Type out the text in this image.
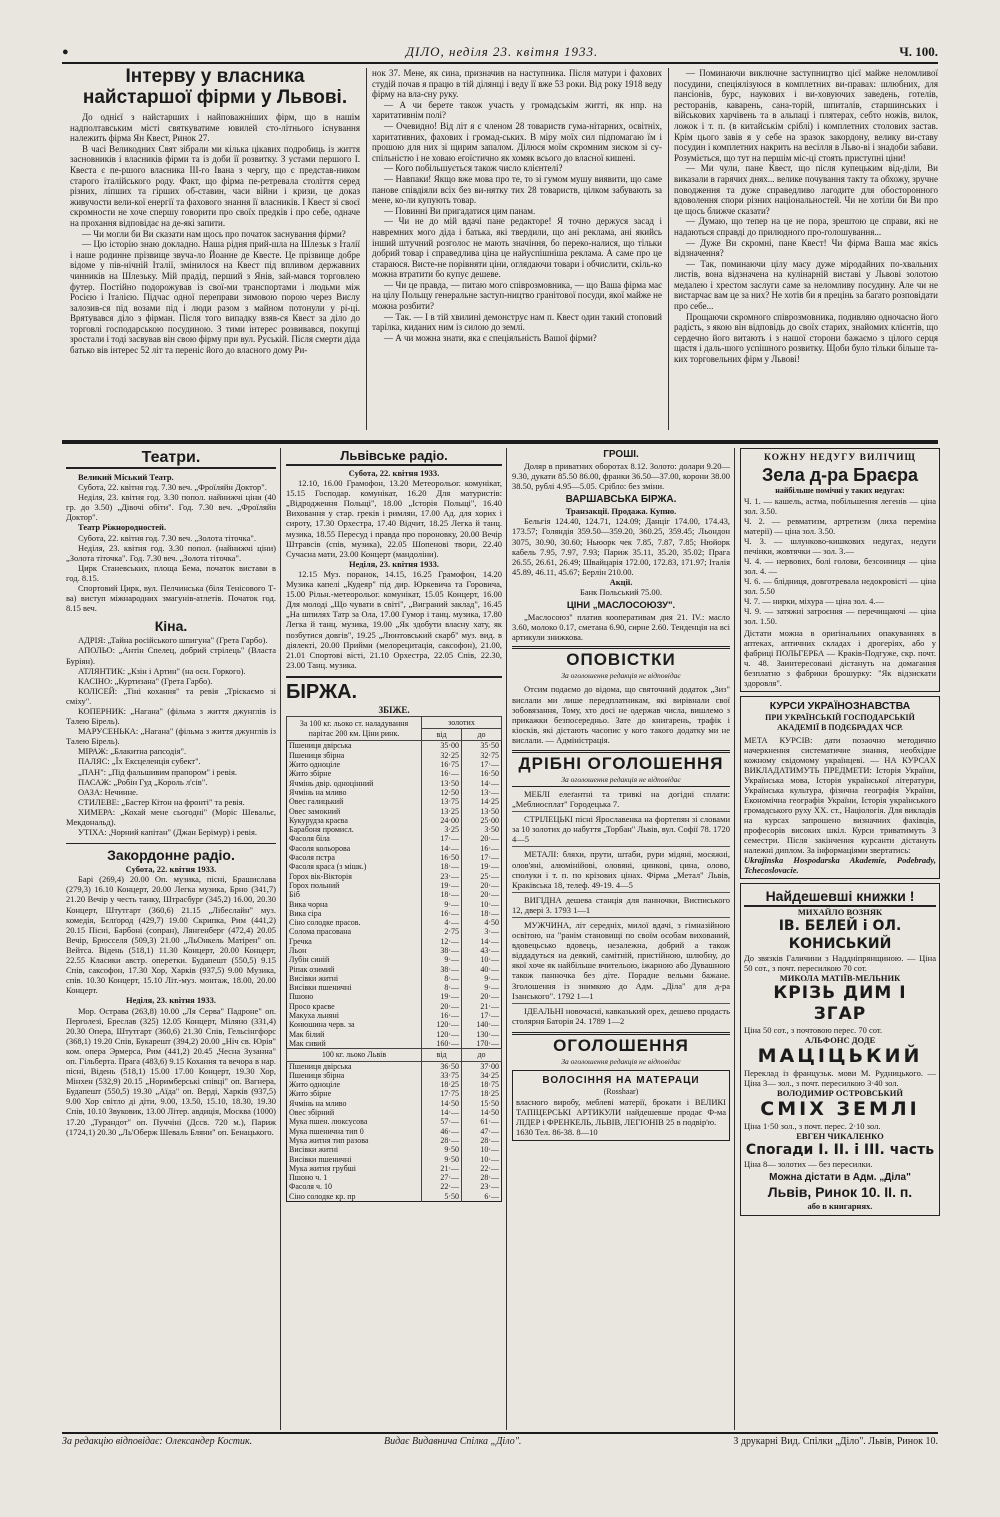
●	ДІЛО, неділя 23. квітня 1933.	Ч. 100.
Інтерву у власника найстаршої фірми у Львові.

До однієї з найстарших і найповажніших фірм, що в нашім надполтавським місті святкуватиме ювилей сто-літнього існування належить фірма Ян Квест, Ринок 27.

В часі Великодних Свят зібрали ми кілька цікавих подробиць із життя засновників і власників фірми та із доби її розвитку. З устами першого І. Квеста є пе-ршого власника ІІІ-го Івана з чергу, що є представ-ником старого італійського роду. Факт, що фірма пе-ретревала століття серед різних, ліпших та гірших об-ставин, часи війни і кризи, це доказ живучости вели-кої енергії та фахового знання її власників. І Квест зі своєї скромности не хоче спершу говорити про своїх предків і про себе, одначе на прохання відповідає на де-які запити.

— Чи могли би Ви сказати нам щось про початок заснування фірми?

— Цю історію знаю докладно. Наша рідня прий-шла на Шлезьк з Італії і наше родинне прізвище звуча-ло Йоанне де Квесте. Це прізвище добре відоме у пів-нічній Італії, змінилося на Квест під впливом державних чинників на Шлезьку. Мій прадід, перший з Янів, зай-мався торговлею футер. Постійно подорожував із свої-ми транспортами і людьми між Росією і Італією. Підчас одної переправи зимовою порою через Вислу залозив-ся під возами під і люди разом з майном потонули у рі-ці. Врятувався діло з фірман. Після того випадку взяв-ся Квест за діло до торговлі господарською посудиною. З тими інтерес розвивався, покупці зростали і тоді засвував він свою фірму при вул. Руській. Після смерти діда батько вів інтерес 52 літ та переніс його до власного дому Ри-

нок 37. Мене, як сина, призначив на наступника. Після матури і фахових студій почав я працю в тій ділянці і веду її вже 53 роки. Від року 1918 веду фірму на вла-сну руку.

— А чи берете також участь у громадськім житті, як нпр. на харитативнім полі?

— Очевидно! Від літ я є членом 28 товариств гума-нітарних, освітніх, харитативних, фахових і громад-ських. В міру моїх сил підпомагаю їм і прошою для них зі щирим запалом. Ділюся моїм скромним зиском зі су-спільністю і не ховаю егоїстично як хомяк всього до власної кишені.

— Кого побільшується також число клієнтелі?

— Навпаки! Якщо вже мова про те, то зі гумом мушу виявити, що саме панове співдіяли всіх без ви-нятку тих 28 товариств, цілком забувають за мене, ко-ли купують товар.

— Повинні Ви пригадатися цим панам.

— Чи не до мій вдачі пане редакторе! Я точно держуся засад і навремних мого діда і батька, які твердили, що ані реклама, ані якийсь інший штучний розголос не мають значіння, бо переко-налися, що тільки добрий товар і справедлива ціна це найуспішніша реклама. А саме про це стараюся. Висте-не порівняти ціни, оглядаючи товари і обчислити, скіль-ко можна втратити бо купує дешеве.

— Чи це правда, — питаю мого співрозмовника, — що Ваша фірма має на цілу Польщу генеральне заступ-ництво гранітової посуди, якої майже не можна розбити?

— Так. — І в тій хвилині демонструє нам п. Квест один такий стоповий тарілка, киданих ним із силою до землі.

— А чи можна знати, яка є спеціяльність Вашої фірми?

— Поминаючи виключне заступництво цієї майже неломливої посудини, спеціялізуюся в комплетних ви-правах: шлюбних, для пансіонів, бурс, наукових і ви-ховуючих заведень, готелів, ресторанів, каварень, сана-торій, шпиталів, старшинських і військових харчівень та в альпаці і плятерах, себто ножів, вилок, ложок і т. п. (в китайськім сріблі) і комплетних столових застав. Крім цього завів я у себе на зразок закордону, велику ви-ставу посудин і комплетних накрить на весілля в Льво-ві і знадоби забави. Розуміється, що тут на першім міс-ці стоять приступні ціни!

— Ми чули, пане Квест, що після купецьким від-діли, Ви виказали в гарячих днях... велике почування такту та обхожу, зручне поводження та дуже справедливо лагодите для обосторонного вдоволення спори різних національностей. Чи не хотіли би Ви про це щось ближче сказати?

— Думаю, що тепер на це не пора, зрештою це справи, які не надаються справді до прилюдного про-голошування...

— Дуже Ви скромні, пане Квест! Чи фірма Ваша має якісь відзначення?

— Так, поминаючи цілу масу дуже міродайних по-хвальних листів, вона відзначена на кулінарній виставі у Львові золотою медалею і хрестом заслуги саме за неломливу посудину. Але чи не вистарчає вам це за них? Не хотів би я прецінь за багато розповідати про себе...

Прощаючи скромного співрозмовника, подивляю одночасно його радість, з якою він відповідь до своїх старих, знайомих клієнтів, що сердечно його витають і з нашої сторони бажаємо з цілого серця щастя і даль-шого успішного розвитку. Щоби було тільки більше та-ких торговельних фірм у Львові!

Театри.

Великий Міський Театр.

Субота, 22. квітня год. 7.30 веч. „Фроїляйн Доктор".

Неділя, 23. квітня год. 3.30 попол. найнижчі ціни (40 гр. до 3.50) „Дівочі обіти". Год. 7.30 веч. „Фроїляйн Доктор".

Театр Ріжнородностей.

Субота, 22. квітня год. 7.30 веч. „Золота тіточка".

Неділя, 23. квітня год. 3.30 попол. (найнижчі ціни) „Золота тіточка". Год. 7.30 веч. „Золота тіточка".

Цирк Станевських, площа Бема, початок вистави в год. 8.15.

Спортовий Цирк, вул. Пелчинська (біля Тенісового Т-ва) виступ міжнародних змагунів-атлетів. Початок год. 8.15 веч.

Кіна.

АДРІЯ: „Тайна російського шпигуна" (Грета Гарбо).

АПОЛЬО: „Антін Спелец, добрий стрілець" (Власта Буріян).

АТЛЯНТИК: „Кзін і Артин" (на осн. Горкого).

КАСІНО: „Куртизана" (Грета Гарбо).

КОЛІСЕЙ: „Тіні кохання" та ревія „Тріскаємо зі сміху".

КОПЕРНИК: „Нагана" (фільма з життя джунглів із Талею Бірель).

МАРУСЕНЬКА: „Нагана" (фільма з життя джунглів із Талею Бірель).

МІРАЖ: „Блакитна рапсодія".

ПАЛЯС: „Їх Ексцеленція субект".

„ПАН": „Під фальшивим прапором" і ревія.

ПАСАЖ: „Робін Гуд „Король л'сів".

ОАЗА: Нечинне.

СТИЛЕВЕ: „Бастер Кітон на фронті" та ревія.

ХИМЕРА: „Кохай мене сьогодні" (Моріс Шевальє, Мекдональд).

УТІХА: „Чорний капітан" (Джан Берімур) і ревія.

Закордонне радіо.
Субота, 22. квітня 1933.

Барі (269,4) 20.00 Оп. музика, пісні, Брашислава (279,3) 16.10 Концерт, 20.00 Легка музика, Брно (341,7) 21.20 Вечір у честь танку, Штрасбург (345,2) 16.00, 20.30 Концерт, Штутгарт (360,6) 21.15 „Лібеслайн" муз. комедія, Бєлґород (429,7) 19.00 Скрипка, Рим (441,2) 20.15 Пісні, Барбоні (сопран), Лянгенберг (472,4) 20.05 Вечір, Брюсселя (509,3) 21.00 „ЛьОнкель Матірен" оп. Вейтса. Відень (518,1) 11.30 Концерт, 20.00 Концерт, 22.55 Класики австр. оперетки. Будапешт (550,5) 9.15 Спів, саксофон, 17.30 Хор, Харків (937,5) 9.00 Музика, спів. 10.30 Концерт, 15.10 Літ.-муз. монтаж, 18.00, 20.00 Концерт.

Неділя, 23. квітня 1933.

Мор. Острава (263,8) 10.00 „Ля Серва" Падроне" оп. Перголезі, Бреслав (325) 12.05 Концерт, Міляно (331,4) 20.30 Опера, Штутгарт (360,6) 21.30 Спів, Гельсінгфорс (368,1) 19.20 Спів, Букарешт (394,2) 20.00 „Ніч св. Юрія" ком. опера Эрмерса, Рим (441,2) 20.45 „Чесна Зузанна" оп. Гільберта. Прага (483,6) 9.15 Кохання та вечора в нар. пісні, Відень (518,1) 15.00 17.00 Концерт, 19.30 Хор, Мінхен (532,9) 20.15 „Норимберські співці" оп. Вагнера, Будапешт (550,5) 19.30 „Аїда" оп. Верді, Харків (937,5) 9.00 Хор світло ді діти, 9.00, 13.50, 15.10, 18.30, 19.30 Спів, 10.10 Звуковик, 13.00 Літер. авдиція, Москва (1000) 17.20 „Турандот" оп. Пуччіні (Дссв. 720 м.), Париж (1724,1) 20.30 „Ль'Оберж Шеваль Бляни" оп. Бенацького.

Львівське радіо.
Субота, 22. квітня 1933.

12.10, 16.00 Грамофон, 13.20 Метеорольог. комунікат, 15.15 Господар. комунікат, 16.20 Для матуристів: „Відродження Польщі", 18.00 „Історія Польщі", 16.40 Виховання у стар. греків і римлян, 17.00 Ад. для хорих і сироту, 17.30 Орхестра, 17.40 Відчит, 18.25 Легка й танц. музика, 18.55 Пересуд і правда про пороновку, 20.00 Вечір Штравсів (спів, музика), 22.05 Шопенові твори, 22.40 Сучасна мати, 23.00 Концерт (мандоліни).

Неділя, 23. квітня 1933.

12.15 Муз. поранок, 14.15, 16.25 Грамофон, 14.20 Музика капелі „Кудеяр" під дир. Юркевича та Горовича, 15.00 Рільн.-метеорольог. комунікат, 15.05 Концерт, 16.00 Для молоді „Що чувати в світі", „Виграний заклад", 16.45 „На шпилях Татр за Ола, 17.00 Гумор і танц. музика, 17.80 Легка й танц. музика, 19.00 „Як здобути власну хату, як позбутися довгів", 19.25 „Люнтовський скарб" муз. вид. в діялекті, 20.00 Прийми (мелорецитація, саксофон), 21.00, 21.01 Спортові вісті, 21.10 Орхестра, 22.05 Спів, 22.30, 23.00 Танц. музика.

БІРЖА.
ЗБІЖЕ.
За 100 кг. льоко ст. наладування парітас 200 км. Ціни ринк.	золотих	
	від	до
Пшениця двірська	35·00	35·50
Пшениця збірна	32·25	32·75
Жито одноціле	16·75	17·—
Жито збірне	16·—	16·50
Ячмінь двір. одноцінний	13·50	14·—
Ячмінь на мливо	12·50	13·—
Овес галицький	13·75	14·25
Овес замокний	13·25	13·50
Кукурудза краєва	24·00	25·00
Барабоня промисл.	3·25	3·50
Фасоля біла	17·—	20·—
Фасоля кольорова	14·—	16·—
Фасоля пстра	16·50	17·—
Фасоля краса (з мішк.)	18·—	19·—
Горох вік-Вікторія	23·—	25·—
Горох польний	19·—	20·—
Біб	18·—	20·—
Вика чорна	9·—	10·—
Вика сіра	16·—	18·—
Сіно солодке прасов.	4·—	4·50
Солома прасована	2·75	3·—
Гречка	12·—	14·—
Льон	38·—	43·—
Лубін синій	9·—	10·—
Ріпак озимий	38·—	40·—
Висівки житні	8·—	9·—
Висівки пшеничні	8·—	9·—
Пшоно	19·—	20·—
Просо краєве	20·—	21·—
Макуха льняні	16·—	17·—
Конюшина черв. за	120·—	140·—
Мак білий	120·—	130·—
Мак сивий	160·—	170·—
100 кг. льоко Львів	від	до
Пшениця двірська	36·50	37·00
Пшениця збірна	33·75	34·25
Жито одноціле	18·25	18·75
Жито збірне	17·75	18·25
Ячмінь на мливо	14·50	15·50
Овес збірний	14·—	14·50
Мука пшен. люксусова	57·—	61·—
Мука пшенична тип 0	46·—	47·—
Мука житня тип разова	28·—	28·—
Висівки житні	9·50	10·—
Висівки пшеничні	9·50	10·—
Мука житня грубші	21·—	22·—
Пшоно ч. 1	27·—	28·—
Фасоля ч. 10	22·—	23·—
Сіно солодке кр. пр	5·50	6·—
ГРОШІ.

Доляр в приватних оборотах 8.12. Золото: долари 9.20—9.30, дукати 85.50 86.00, франки 36.50—37.00, корони 38.00 38.50, рублі 4.95—5.05. Срібло: без зміни.

ВАРШАВСЬКА БІРЖА.
Транзакції. Продажа. Купно.

Бельгія 124.40, 124.71, 124.09; Данціг 174.00, 174.43, 173.57; Голяндія 359.50—359.20, 360.25, 359.45; Льондон 3075, 30.90, 30.60; Ньюорк чек 7.85, 7.87, 7.85; Нюйорк кабель 7.95, 7.97, 7.93; Париж 35.11, 35.20, 35.02; Прага 26.55, 26.61, 26.49; Швайцарія 172.00, 172.83, 171.97; Італія 45.89, 46.11, 45.67; Берлін 210.00.

Акції.
Банк Польський 75.00.
ЦІНИ „МАСЛОСОЮЗУ".

„Маслосоюз" платив кооперативам дня 21. IV.: масло 3.60, молоко 0.17, сметана 6.90, сирне 2.60. Тенденція на всі артикули знижкова.

ОПОВІСТКИ
За оголошення редакція не відповідає

Отсим подаємо до відома, що святочний додаток „Зиз" вислали ми лише передплатникам, які вирівнали свої зобовязання, Тому, хто досі не одержав числа, вишлемо з прикажки безпосередньо. Зате до книгарень, трафік і кіосків, які дістають часопис у кого такого додатку ми не вислали. — Адміністрація.

ДРІБНІ ОГОЛОШЕННЯ
За оголошення редакція не відповідає

МЕБЛІ елеґантні та тривкі на догідні сплати: „Меблиосплат" Городецька 7.

СТРІЛЕЦЬКІ пісні Ярославенка на фортепян зі словами за 10 золотих до набуття „Торбан" Львів, вул. Софії 78. 1720 4—5

МЕТАЛІ: бляхи, прути, штаби, рури мідяні, мосяжні, олов'яні, алюмінійові, оловяні, цинкові, цина, олово, сполуки і т. п. по крізових цінах. Фірма „Метал" Львів, Краківська 18, телеф. 49-19. 4—5

ВИГІДНА дешева станція для панночки, Висписького 12, двері 3. 1793 1—1

МУЖЧИНА, літ середніх, милої вдачі, з гімназійною освітою, на "ранім становищі по своїм особам вихований, вдовецьсько вдовець, незалежна, добрий а також віддадуться на деякий, самітній, пристійною, шлюбну, до якої хоче як найбільше вчительою, іжарною або Дувашною також панночка без діте. Порадне вельми бажане. Зголошення із знимкою до Адм. „Діла" для д-ра Ізанського". 1792 1—1

ІДЕАЛЬНІ новочасні, кавказький орех, дешево продасть столярня Баторія 24. 1789 1—2

ОГОЛОШЕННЯ
За оголошення редакція не відповідає
ВОЛОСІННЯ НА МАТЕРАЦИ
(Rosshaar)
власного виробу, меблеві матерії, брокати і ВЕЛИКІ ТАПІЦЕРСЬКІ АРТИКУЛИ найдешевше продає Ф-ма ЛІДЕР і ФРЕНКЕЛЬ, ЛЬВІВ, ЛЕГІОНІВ 25 в подвір'ю.
1630 Тел. 86-38. 8—10
КОЖНУ НЕДУГУ ВИЛІЧИЩ
Зела д-ра Браєра
найбільше помічні у таких недугах:
Ч. 1. — кашель, астма, побільшення легенів — ціна зол. 3.50.
Ч. 2. — ревматизм, артретизм (лиха переміна матерії) — ціна зол. 3.50.
Ч. 3. — шлунково-кишкових недугах, недуги печінки, жовтячки — зол. 3.—
Ч. 4. — нервових, болі голови, безсонниця — ціна зол. 4. —
Ч. 6. — блідниця, довготревала недокровісті — ціна зол. 5.50
Ч. 7. — нирки, міхура — ціна зол. 4.—
Ч. 9. — затяжні затроєння — перечищаючі — ціна зол. 1.50.
Дістати можна в оригінальних опакуваннях в аптеках, аптичних складах і дрогеріях, або у фабриці ПОЛЬГЕРБА — Краків-Подгуже, скр. почт. ч. 48. Заинтересовані дістануть на домагання безплатно з фабрики брошурку: "Як відзискати здоровля".
КУРСИ УКРАЇНОЗНАВСТВА
ПРИ УКРАЇНСЬКІЙ ГОСПОДАРСЬКІЙ АКАДЕМІЇ В ПОДЄБРАДАХ ЧСР.
МЕТА КУРСІВ: дати позаочно методично начеркнення систематичне знання, необхідне кожному свідомому українцеві. — НА КУРСАХ ВИКЛАДАТИМУТЬ ПРЕДМЕТИ: Історія України, Українська мова, Історія української літератури, Українська культура, фізична географія України, Економічна географія України, Історія українського громадського руху ХХ. ст., Націологія. Для викладів на курсах запрошено визначних фахівців, професорів високих шкіл. Курси триватимуть 3 семестри. Після закінчення курсанти дістануть належні диплом. За інформаціями звертатись:
Ukrajinska Hospodarska Akademie, Podebrady, Tchecoslovacie.
Найдешевші книжки !
МИХАЙЛО ВОЗНЯК
ІВ. БЕЛЕЙ і ОЛ. КОНИСЬКИЙ
До звязків Галичини з Наддніпрянщиною. — Ціна 50 сот., з почт. пересилкою 70 сот.
МИКОЛА МАТІЇВ-МЕЛЬНИК
КРІЗЬ ДИМ І ЗГАР
Ціна 50 сот., з почтовою перес. 70 сот.
АЛЬФОНС ДОДЕ
МАЦІЦЬКИЙ
Переклад із французьк. мови М. Рудницького. — Ціна 3— зол., з почт. пересилкою 3·40 зол.
ВОЛОДИМИР ОСТРОВСЬКИЙ
СМІХ ЗЕМЛІ
Ціна 1·50 зол., з почт. перес. 2·10 зол.
ЕВГЕН ЧИКАЛЕНКО
Спогади І. ІІ. і ІІІ. часть
Ціна 8— золотих — без пересилки.
Можна дістати в Адм. „Діла"
Львів, Ринок 10. II. п.
або в книгарнях.
За редакцію відповідає: Олександер Костик.	Видає Видавнича Спілка „Діло".	З друкарні Вид. Спілки „Діло". Львів, Ринок 10.
